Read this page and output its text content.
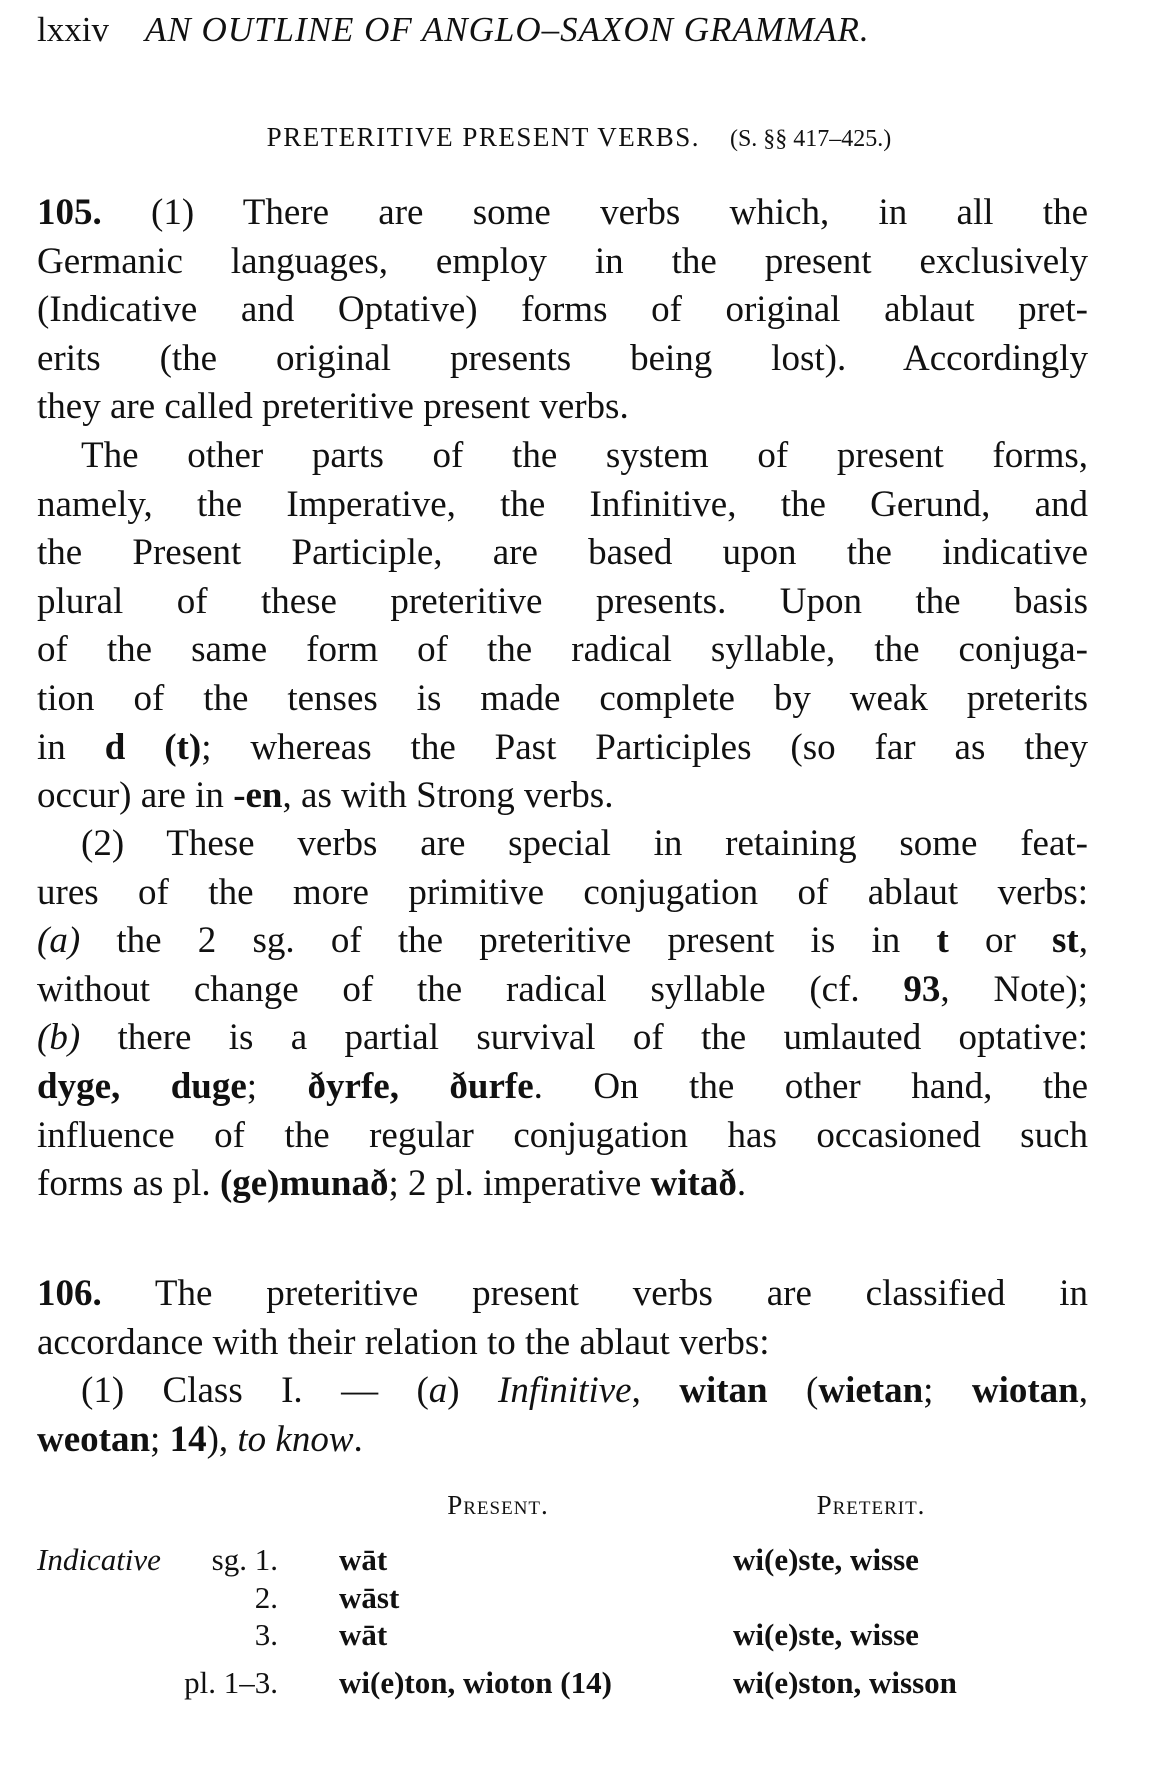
lxxiv AN OUTLINE OF ANGLO–SAXON GRAMMAR.
PRETERITIVE PRESENT VERBS. (S. §§ 417–425.)
105. (1) There are some verbs which, in all the
Germanic languages, employ in the present exclusively
(Indicative and Optative) forms of original ablaut pret-
erits (the original presents being lost). Accordingly
they are called preteritive present verbs.
The other parts of the system of present forms,
namely, the Imperative, the Infinitive, the Gerund, and
the Present Participle, are based upon the indicative
plural of these preteritive presents. Upon the basis
of the same form of the radical syllable, the conjuga-
tion of the tenses is made complete by weak preterits
in d (t); whereas the Past Participles (so far as they
occur) are in -en, as with Strong verbs.
(2) These verbs are special in retaining some feat-
ures of the more primitive conjugation of ablaut verbs:
(a) the 2 sg. of the preteritive present is in t or st,
without change of the radical syllable (cf. 93, Note);
(b) there is a partial survival of the umlauted optative:
dyge, duge; ðyrfe, ðurfe. On the other hand, the
influence of the regular conjugation has occasioned such
forms as pl. (ge)munað; 2 pl. imperative witað.
106. The preteritive present verbs are classified in
accordance with their relation to the ablaut verbs:
(1) Class I. — (a) Infinitive, witan (wietan; wiotan,
weotan; 14), to know.
Present.	Preterit.
Indicative sg. 1. wāt	wi(e)ste, wisse
2. wāst
3. wāt	wi(e)ste, wisse
pl. 1–3. wi(e)ton, wioton (14)	wi(e)ston, wisson
